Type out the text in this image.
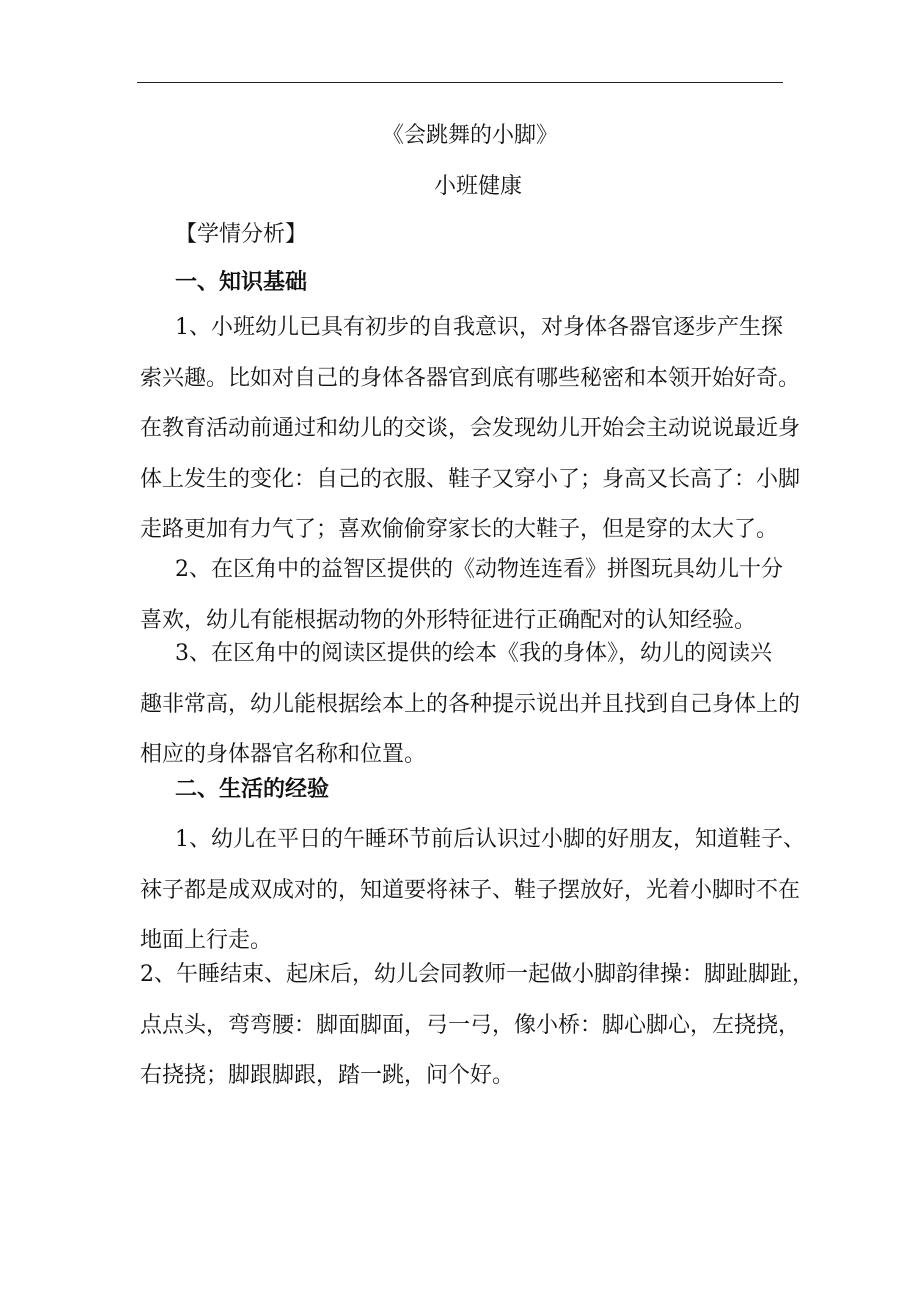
《会跳舞的小脚》
小班健康
【学情分析】
一、知识基础
1、小班幼儿已具有初步的自我意识，对身体各器官逐步产生探
索兴趣。比如对自己的身体各器官到底有哪些秘密和本领开始好奇。
在教育活动前通过和幼儿的交谈，会发现幼儿开始会主动说说最近身
体上发生的变化：自己的衣服、鞋子又穿小了；身高又长高了：小脚
走路更加有力气了；喜欢偷偷穿家长的大鞋子，但是穿的太大了。
2、在区角中的益智区提供的《动物连连看》拼图玩具幼儿十分
喜欢，幼儿有能根据动物的外形特征进行正确配对的认知经验。
3、在区角中的阅读区提供的绘本《我的身体》，幼儿的阅读兴
趣非常高，幼儿能根据绘本上的各种提示说出并且找到自己身体上的
相应的身体器官名称和位置。
二、生活的经验
1、幼儿在平日的午睡环节前后认识过小脚的好朋友，知道鞋子、
袜子都是成双成对的，知道要将袜子、鞋子摆放好，光着小脚时不在
地面上行走。
2、午睡结束、起床后，幼儿会同教师一起做小脚韵律操：脚趾脚趾，
点点头，弯弯腰：脚面脚面，弓一弓，像小桥：脚心脚心，左挠挠，
右挠挠；脚跟脚跟，踏一跳，问个好。
